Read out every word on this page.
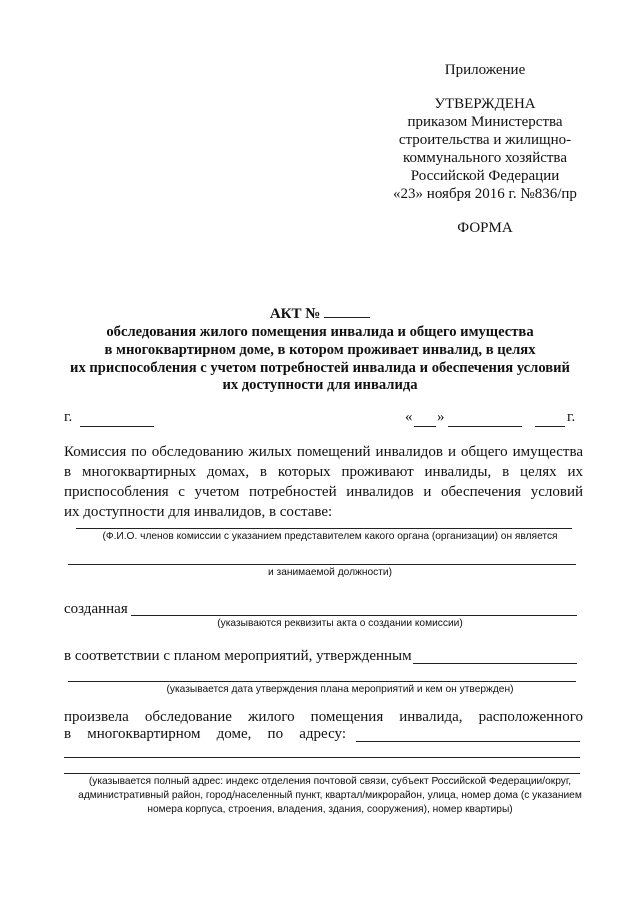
Приложение
УТВЕРЖДЕНА
приказом Министерства
строительства и жилищно-
коммунального хозяйства
Российской Федерации
«23» ноября 2016 г. №836/пр
ФОРМА
АКТ №
обследования жилого помещения инвалида и общего имущества
в многоквартирном доме, в котором проживает инвалид, в целях
их приспособления с учетом потребностей инвалида и обеспечения условий
их доступности для инвалида
г.	« »	г.
Комиссия по обследованию жилых помещений инвалидов и общего имущества
в многоквартирных домах, в которых проживают инвалиды, в целях их
приспособления с учетом потребностей инвалидов и обеспечения условий
их доступности для инвалидов, в составе:
(Ф.И.О. членов комиссии с указанием представителем какого органа (организации) он является
и занимаемой должности)
созданная
(указываются реквизиты акта о создании комиссии)
в соответствии с планом мероприятий, утвержденным
(указывается дата утверждения плана мероприятий и кем он утвержден)
произвела обследование жилого помещения инвалида, расположенного
в многоквартирном доме, по адресу:
(указывается полный адрес: индекс отделения почтовой связи, субъект Российской Федерации/округ,
административный район, город/населенный пункт, квартал/микрорайон, улица, номер дома (с указанием
номера корпуса, строения, владения, здания, сооружения), номер квартиры)
